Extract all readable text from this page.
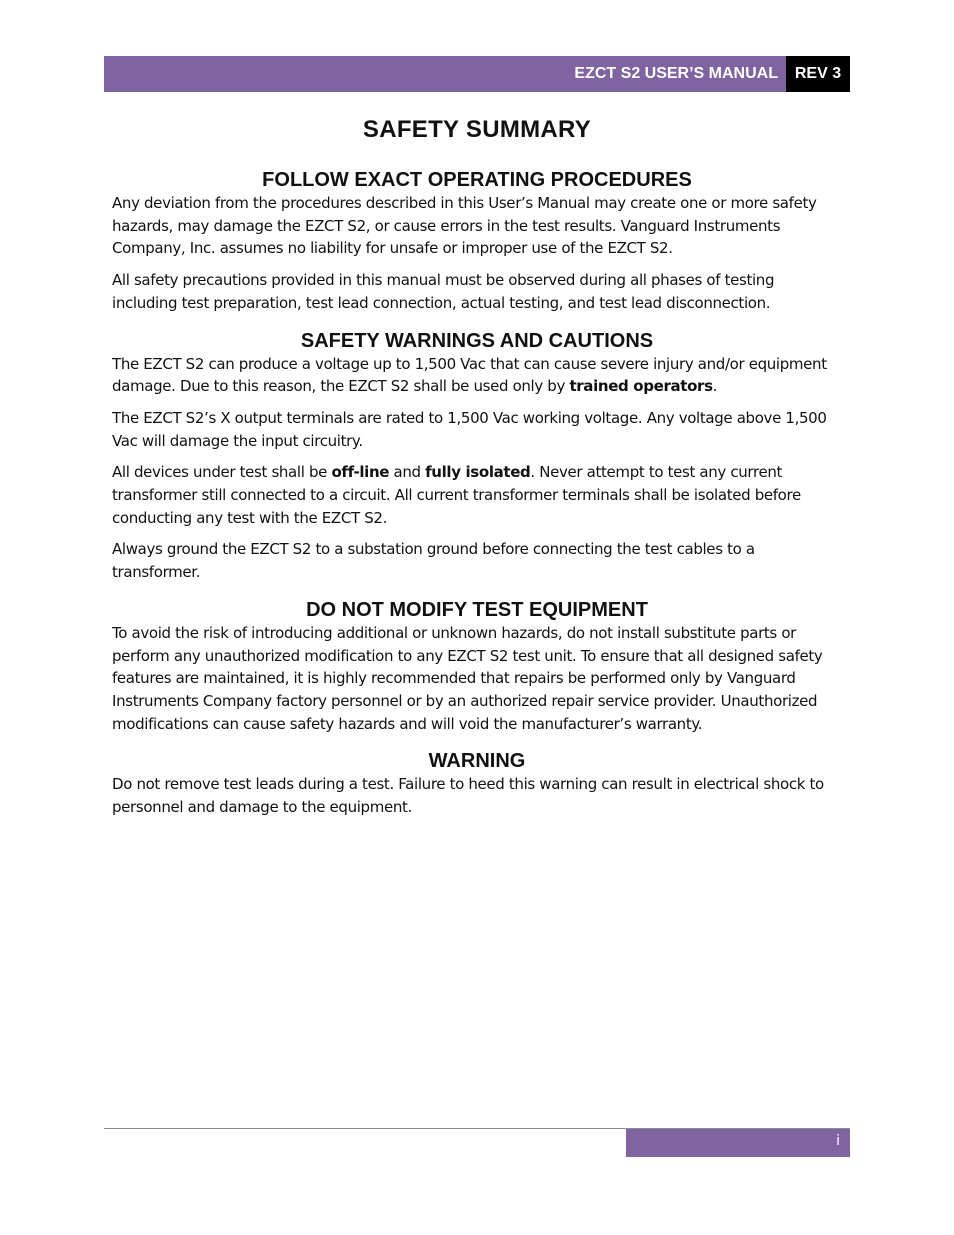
EZCT S2 USER’S MANUAL	REV 3
SAFETY SUMMARY
FOLLOW EXACT OPERATING PROCEDURES

Any deviation from the procedures described in this User’s Manual may create one or more safety hazards, may damage the EZCT S2, or cause errors in the test results. Vanguard Instruments Company, Inc. assumes no liability for unsafe or improper use of the EZCT S2.

All safety precautions provided in this manual must be observed during all phases of testing including test preparation, test lead connection, actual testing, and test lead disconnection.

SAFETY WARNINGS AND CAUTIONS

The EZCT S2 can produce a voltage up to 1,500 Vac that can cause severe injury and/or equipment damage. Due to this reason, the EZCT S2 shall be used only by trained operators.

The EZCT S2’s X output terminals are rated to 1,500 Vac working voltage. Any voltage above 1,500 Vac will damage the input circuitry.

All devices under test shall be off-line and fully isolated. Never attempt to test any current transformer still connected to a circuit. All current transformer terminals shall be isolated before conducting any test with the EZCT S2.

Always ground the EZCT S2 to a substation ground before connecting the test cables to a transformer.

DO NOT MODIFY TEST EQUIPMENT

To avoid the risk of introducing additional or unknown hazards, do not install substitute parts or perform any unauthorized modification to any EZCT S2 test unit. To ensure that all designed safety features are maintained, it is highly recommended that repairs be performed only by Vanguard Instruments Company factory personnel or by an authorized repair service provider. Unauthorized modifications can cause safety hazards and will void the manufacturer’s warranty.

WARNING

Do not remove test leads during a test. Failure to heed this warning can result in electrical shock to personnel and damage to the equipment.

i
